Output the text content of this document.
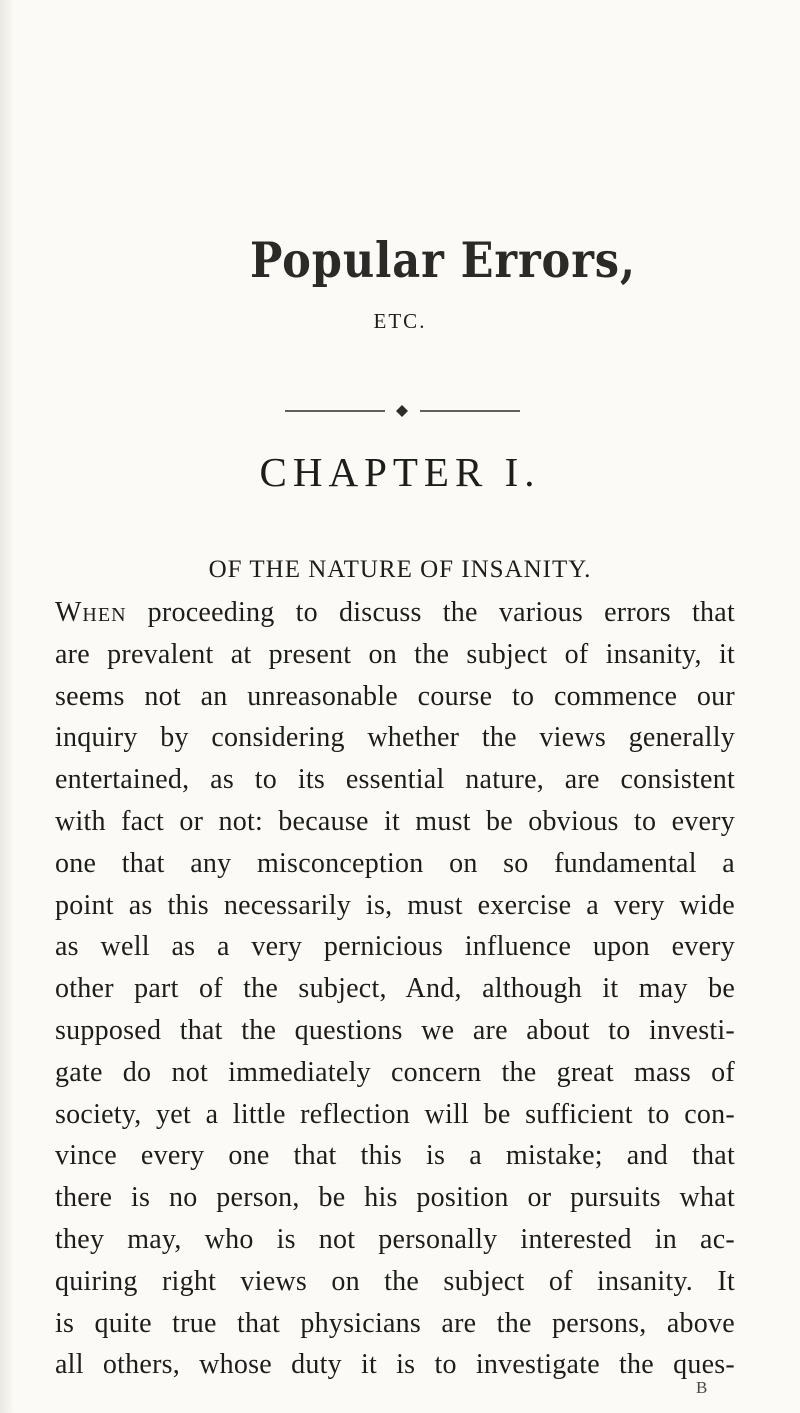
Popular Errors,
ETC.
CHAPTER I.
OF THE NATURE OF INSANITY.
When proceeding to discuss the various errors that
are prevalent at present on the subject of insanity, it
seems not an unreasonable course to commence our
inquiry by considering whether the views generally
entertained, as to its essential nature, are consistent
with fact or not: because it must be obvious to every
one that any misconception on so fundamental a
point as this necessarily is, must exercise a very wide
as well as a very pernicious influence upon every
other part of the subject, And, although it may be
supposed that the questions we are about to investi-
gate do not immediately concern the great mass of
society, yet a little reflection will be sufficient to con-
vince every one that this is a mistake; and that
there is no person, be his position or pursuits what
they may, who is not personally interested in ac-
quiring right views on the subject of insanity. It
is quite true that physicians are the persons, above
all others, whose duty it is to investigate the ques-
B
